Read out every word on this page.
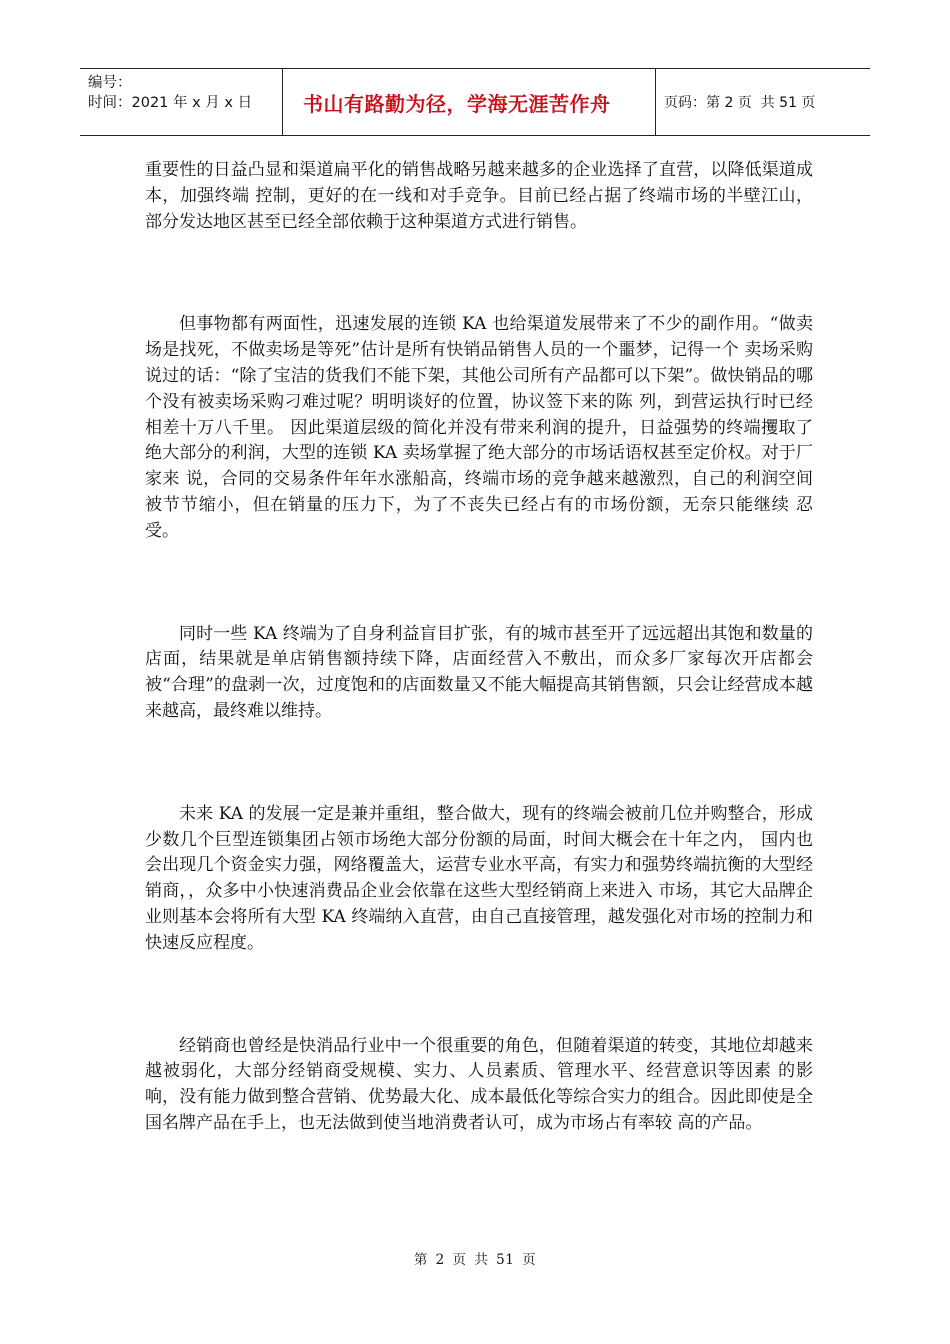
编号：
时间：2021 年 x 月 x 日	书山有路勤为径，学海无涯苦作舟	页码：第 2 页  共 51 页

重要性的日益凸显和渠道扁平化的销售战略另越来越多的企业选择了直营，以降低渠道成本，加强终端 控制，更好的在一线和对手竞争。目前已经占据了终端市场的半壁江山，部分发达地区甚至已经全部依赖于这种渠道方式进行销售。

但事物都有两面性，迅速发展的连锁 KA 也给渠道发展带来了不少的副作用。“做卖场是找死，不做卖场是等死”估计是所有快销品销售人员的一个噩梦，记得一个 卖场采购说过的话：“除了宝洁的货我们不能下架，其他公司所有产品都可以下架”。做快销品的哪个没有被卖场采购刁难过呢？明明谈好的位置，协议签下来的陈 列，到营运执行时已经相差十万八千里。 因此渠道层级的简化并没有带来利润的提升，日益强势的终端攫取了绝大部分的利润，大型的连锁 KA 卖场掌握了绝大部分的市场话语权甚至定价权。对于厂家来 说，合同的交易条件年年水涨船高，终端市场的竞争越来越激烈，自己的利润空间被节节缩小，但在销量的压力下，为了不丧失已经占有的市场份额，无奈只能继续 忍受。

同时一些 KA 终端为了自身利益盲目扩张，有的城市甚至开了远远超出其饱和数量的店面，结果就是单店销售额持续下降，店面经营入不敷出，而众多厂家每次开店都会被“合理”的盘剥一次，过度饱和的店面数量又不能大幅提高其销售额，只会让经营成本越来越高，最终难以维持。

未来 KA 的发展一定是兼并重组，整合做大，现有的终端会被前几位并购整合，形成少数几个巨型连锁集团占领市场绝大部分份额的局面，时间大概会在十年之内， 国内也会出现几个资金实力强，网络覆盖大，运营专业水平高，有实力和强势终端抗衡的大型经销商，，众多中小快速消费品企业会依靠在这些大型经销商上来进入 市场，其它大品牌企业则基本会将所有大型 KA 终端纳入直营，由自己直接管理，越发强化对市场的控制力和快速反应程度。

经销商也曾经是快消品行业中一个很重要的角色，但随着渠道的转变，其地位却越来越被弱化，大部分经销商受规模、实力、人员素质、管理水平、经营意识等因素 的影响，没有能力做到整合营销、优势最大化、成本最低化等综合实力的组合。因此即使是全国名牌产品在手上，也无法做到使当地消费者认可，成为市场占有率较 高的产品。

第 2 页 共 51 页
